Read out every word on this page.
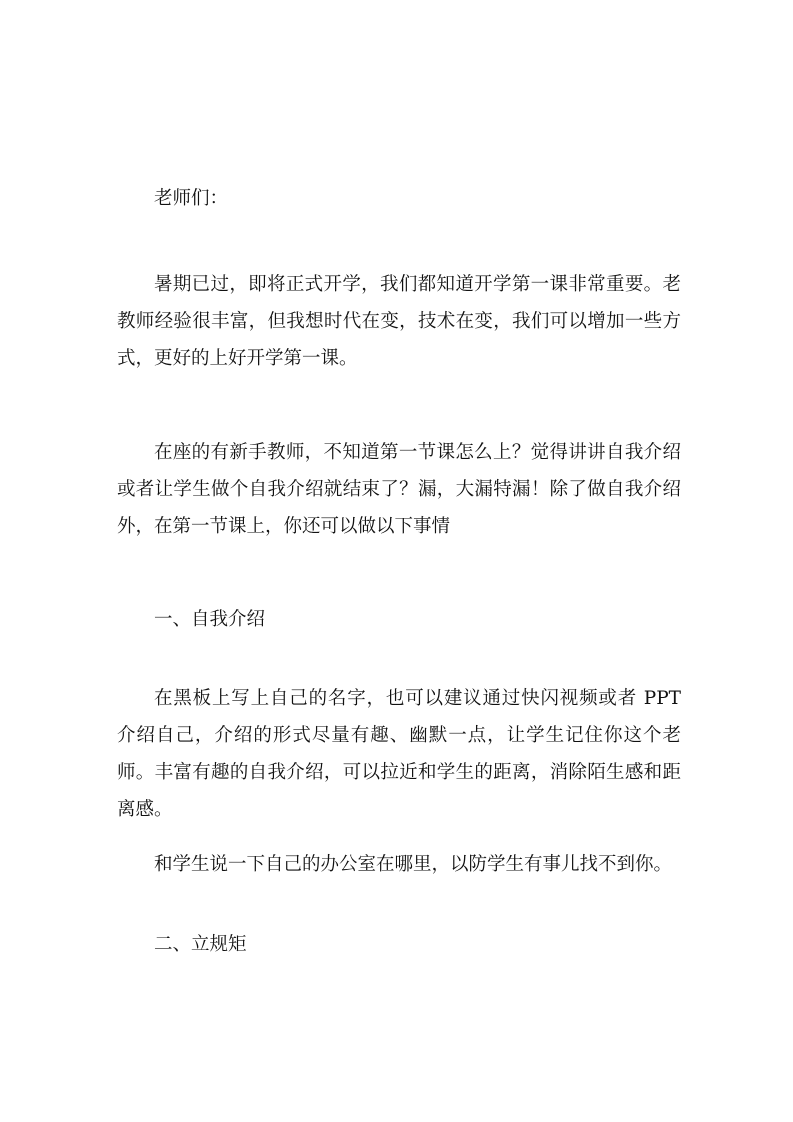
老师们：

暑期已过，即将正式开学，我们都知道开学第一课非常重要。老教师经验很丰富，但我想时代在变，技术在变，我们可以增加一些方式，更好的上好开学第一课。

在座的有新手教师，不知道第一节课怎么上？觉得讲讲自我介绍或者让学生做个自我介绍就结束了？漏，大漏特漏！除了做自我介绍外，在第一节课上，你还可以做以下事情

一、自我介绍

在黑板上写上自己的名字，也可以建议通过快闪视频或者 PPT 介绍自己，介绍的形式尽量有趣、幽默一点，让学生记住你这个老师。丰富有趣的自我介绍，可以拉近和学生的距离，消除陌生感和距离感。

和学生说一下自己的办公室在哪里，以防学生有事儿找不到你。

二、立规矩
